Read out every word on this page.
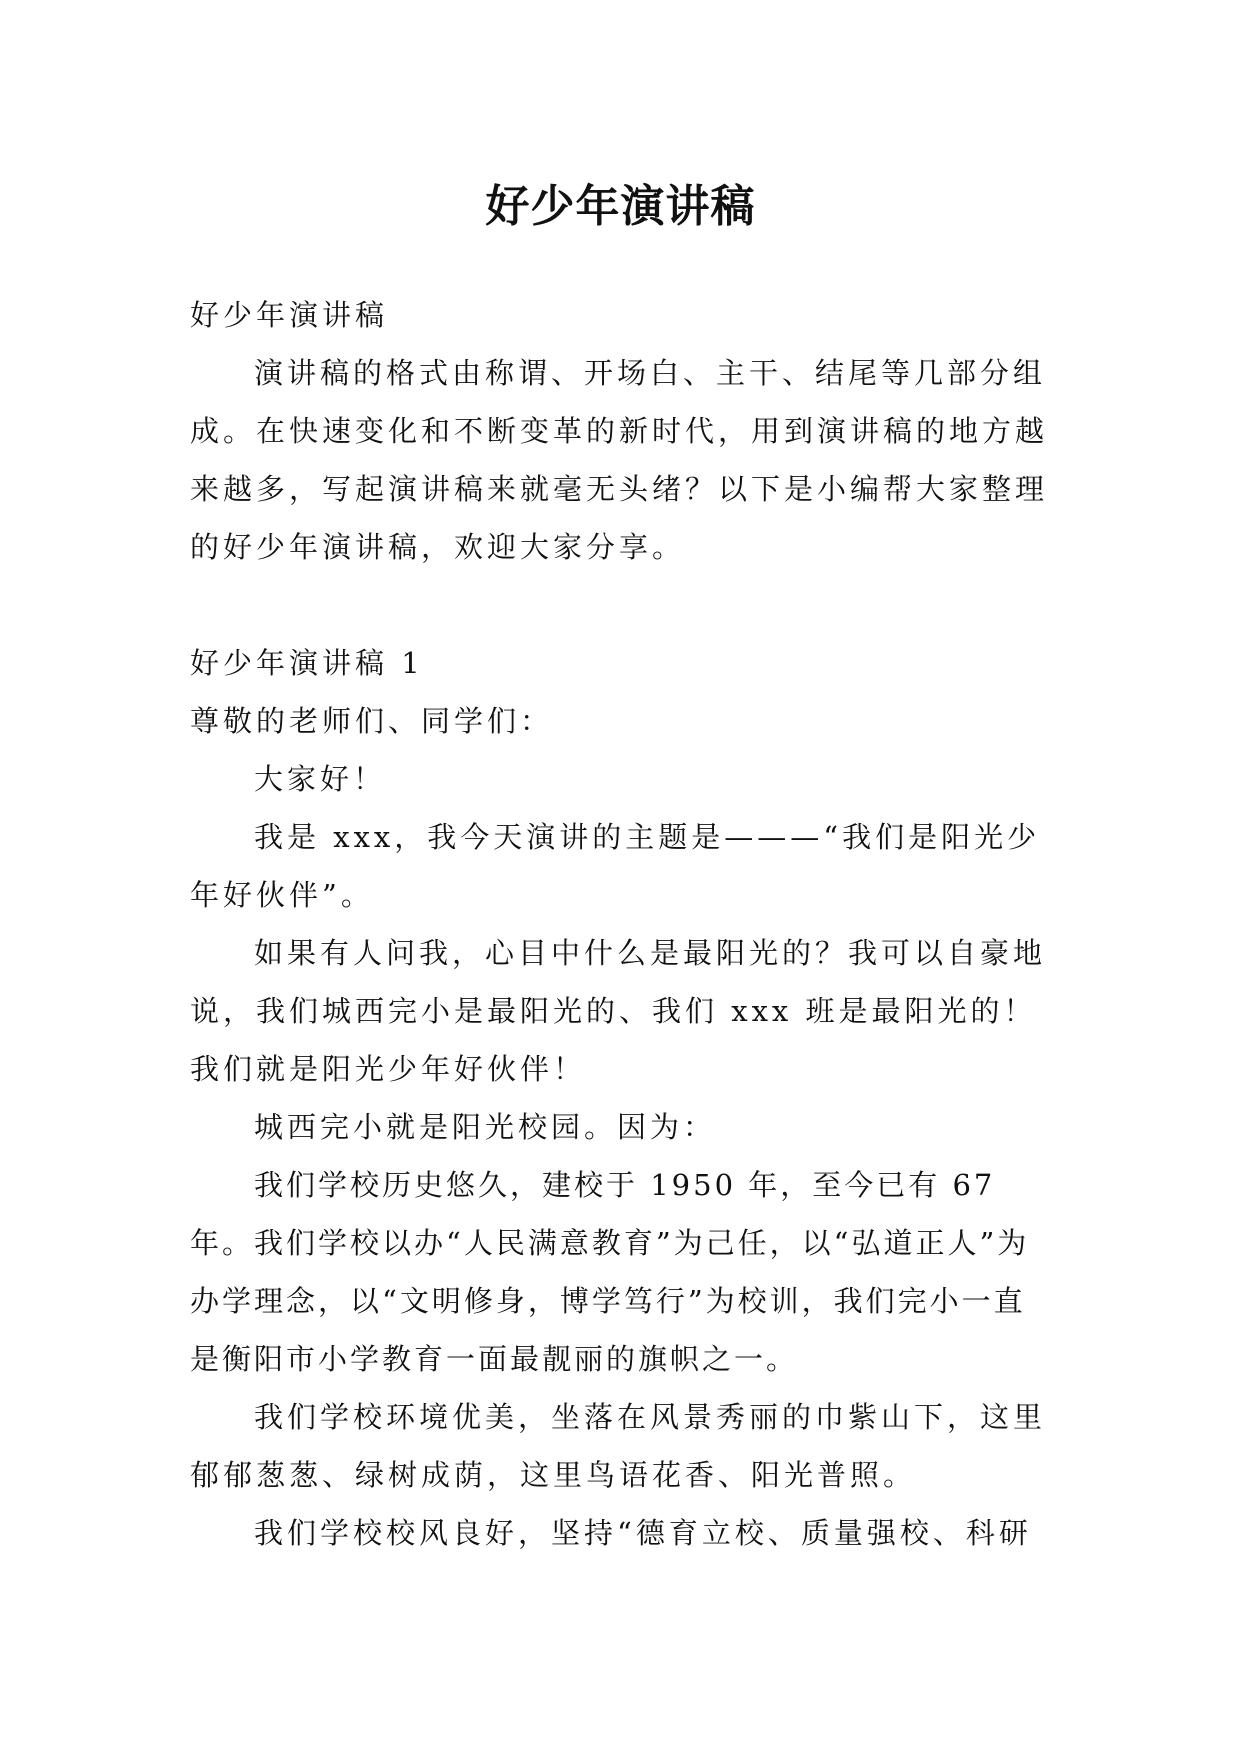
好少年演讲稿

好少年演讲稿

演讲稿的格式由称谓、开场白、主干、结尾等几部分组成。在快速变化和不断变革的新时代，用到演讲稿的地方越来越多，写起演讲稿来就毫无头绪？以下是小编帮大家整理的好少年演讲稿，欢迎大家分享。

好少年演讲稿 1

尊敬的老师们、同学们：

大家好！

我是 xxx，我今天演讲的主题是———“我们是阳光少年好伙伴”。

如果有人问我，心目中什么是最阳光的？我可以自豪地说，我们城西完小是最阳光的、我们 xxx 班是最阳光的！我们就是阳光少年好伙伴！

城西完小就是阳光校园。因为：

我们学校历史悠久，建校于 1950 年，至今已有 67 年。我们学校以办“人民满意教育”为己任，以“弘道正人”为办学理念，以“文明修身，博学笃行”为校训，我们完小一直是衡阳市小学教育一面最靓丽的旗帜之一。

我们学校环境优美，坐落在风景秀丽的巾紫山下，这里郁郁葱葱、绿树成荫，这里鸟语花香、阳光普照。

我们学校校风良好，坚持“德育立校、质量强校、科研
